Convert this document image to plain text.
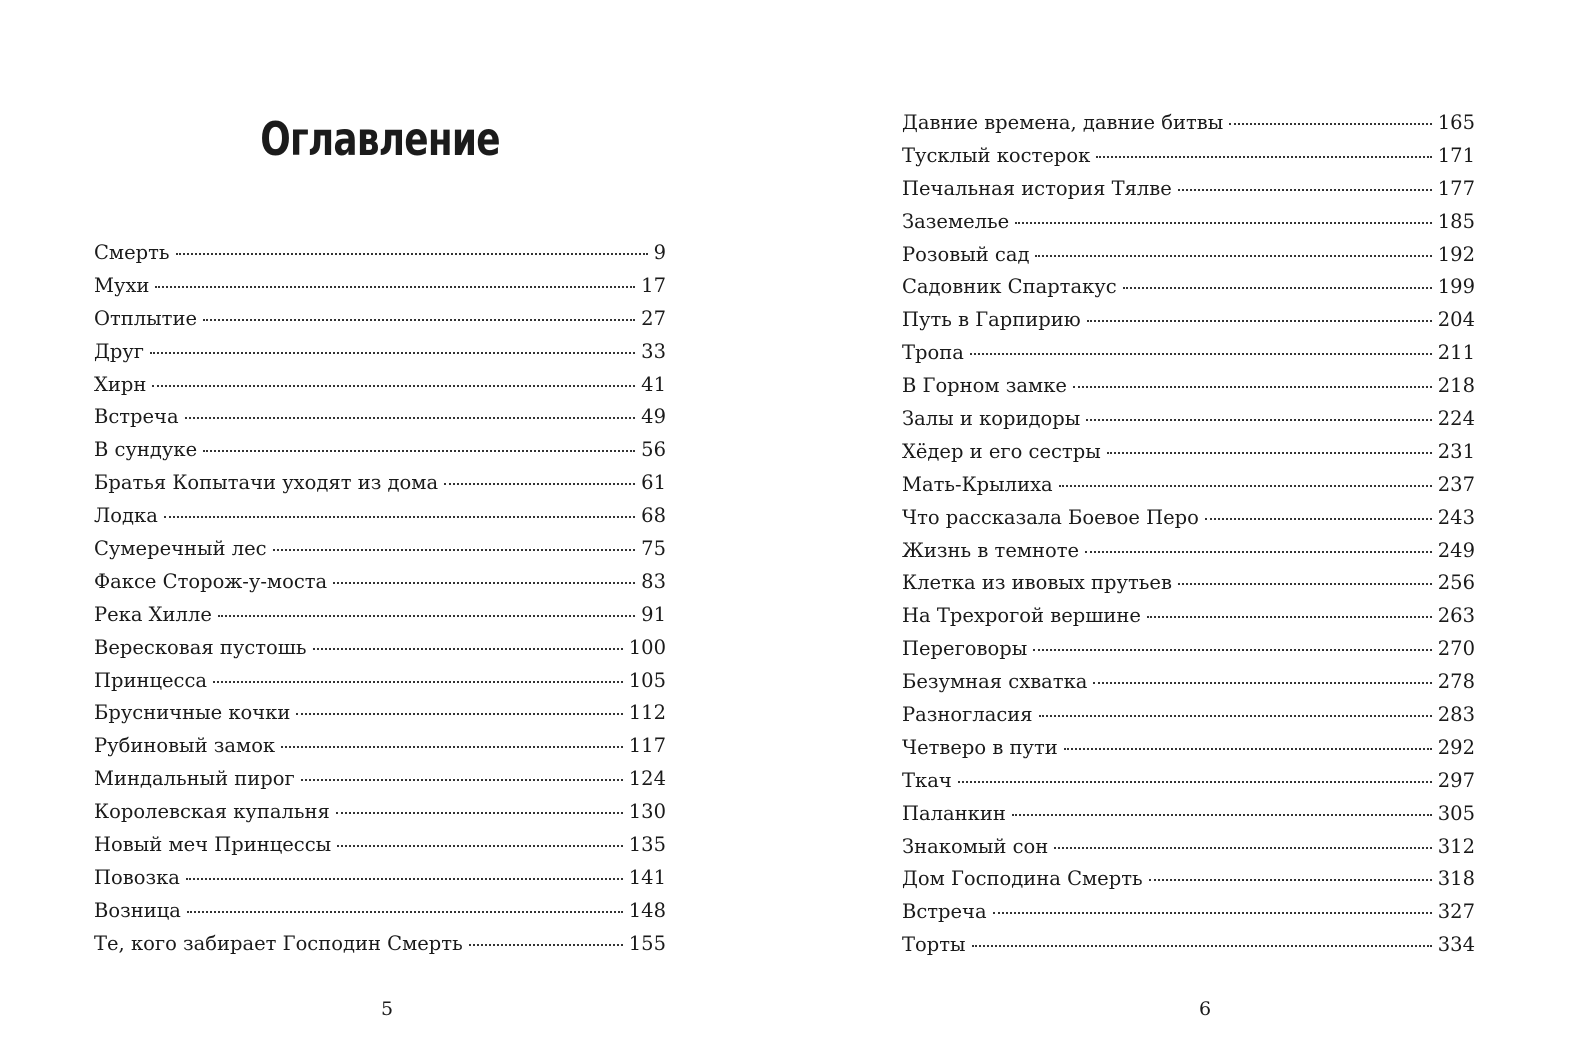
Оглавление
Смерть	9
Мухи	17
Отплытие	27
Друг	33
Хирн	41
Встреча	49
В сундуке	56
Братья Копытачи уходят из дома	61
Лодка	68
Сумеречный лес	75
Факсе Сторож-у-моста	83
Река Хилле	91
Вересковая пустошь	100
Принцесса	105
Брусничные кочки	112
Рубиновый замок	117
Миндальный пирог	124
Королевская купальня	130
Новый меч Принцессы	135
Повозка	141
Возница	148
Те, кого забирает Господин Смерть	155
5
Давние времена, давние битвы	165
Тусклый костерок	171
Печальная история Тялве	177
Заземелье	185
Розовый сад	192
Садовник Спартакус	199
Путь в Гарпирию	204
Тропа	211
В Горном замке	218
Залы и коридоры	224
Хёдер и его сестры	231
Мать-Крылиха	237
Что рассказала Боевое Перо	243
Жизнь в темноте	249
Клетка из ивовых прутьев	256
На Трехрогой вершине	263
Переговоры	270
Безумная схватка	278
Разногласия	283
Четверо в пути	292
Ткач	297
Паланкин	305
Знакомый сон	312
Дом Господина Смерть	318
Встреча	327
Торты	334
6
